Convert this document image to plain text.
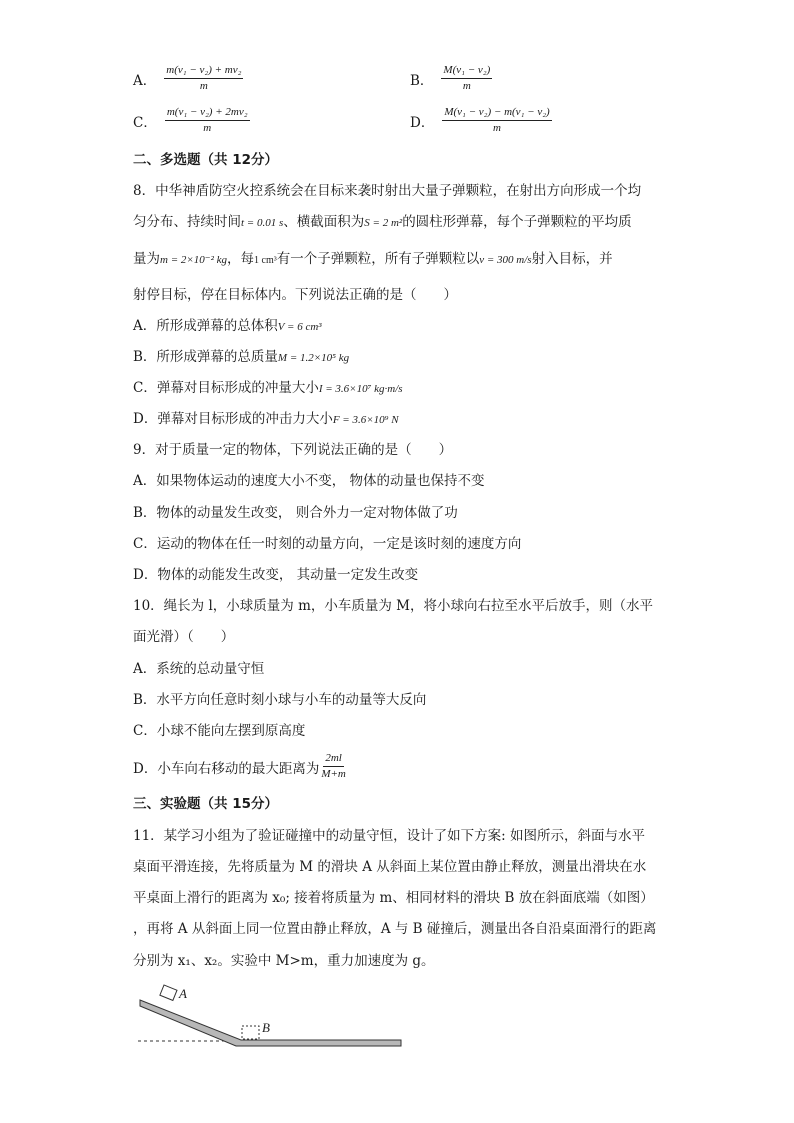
A． $\frac{\text{m(v₁ − v₂) + mv₂}}{m}$	B． $\frac{\text{M(v₁ − v₂)}}{m}$
C． $\frac{\text{m(v₁ − v₂) + 2mv₂}}{m}$	D． $\frac{\text{M(v₁ − v₂) − m(v₁ − v₂)}}{m}$
二、多选题（共 12分）
8．中华神盾防空火控系统会在目标来袭时射出大量子弹颗粒，在射出方向形成一个均
匀分布、持续时间t = 0.01 s、横截面积为S = 2 m²的圆柱形弹幕，每个子弹颗粒的平均质
量为m = 2×10⁻² kg，每1 cm³有一个子弹颗粒，所有子弹颗粒以v = 300 m/s射入目标，并
射停目标，停在目标体内。下列说法正确的是（　　）
A．所形成弹幕的总体积V = 6 cm³
B．所形成弹幕的总质量M = 1.2×10⁵ kg
C．弹幕对目标形成的冲量大小I = 3.6×10⁷ kg·m/s
D．弹幕对目标形成的冲击力大小F = 3.6×10⁹ N
9．对于质量一定的物体，下列说法正确的是（　　）
A．如果物体运动的速度大小不变， 物体的动量也保持不变
B．物体的动量发生改变， 则合外力一定对物体做了功
C．运动的物体在任一时刻的动量方向，一定是该时刻的速度方向
D．物体的动能发生改变， 其动量一定发生改变
10．绳长为 l，小球质量为 m，小车质量为 M，将小球向右拉至水平后放手，则（水平
面光滑）（　　）
A．系统的总动量守恒
B．水平方向任意时刻小球与小车的动量等大反向
C．小球不能向左摆到原高度
D．小车向右移动的最大距离为 $\frac{2ml}{M+m}$
三、实验题（共 15分）
11．某学习小组为了验证碰撞中的动量守恒，设计了如下方案: 如图所示，斜面与水平
桌面平滑连接，先将质量为 M 的滑块 A 从斜面上某位置由静止释放，测量出滑块在水
平桌面上滑行的距离为 x₀; 接着将质量为 m、相同材料的滑块 B 放在斜面底端（如图）
，再将 A 从斜面上同一位置由静止释放，A 与 B 碰撞后，测量出各自沿桌面滑行的距离
分别为 x₁、x₂。实验中 M>m，重力加速度为 g。
A
B
